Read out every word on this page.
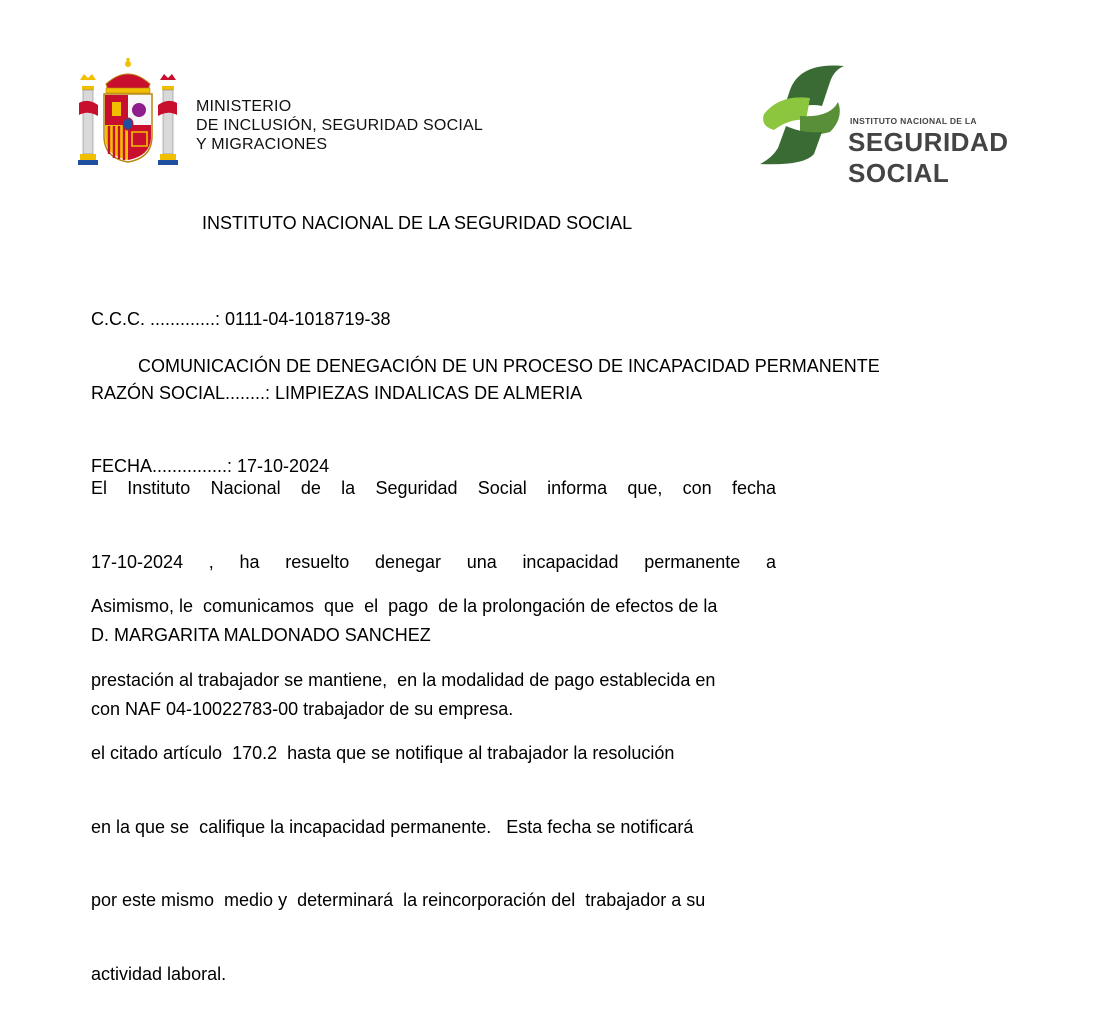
MINISTERIO
DE INCLUSIÓN, SEGURIDAD SOCIAL
Y MIGRACIONES
INSTITUTO NACIONAL DE LA
SEGURIDAD SOCIAL
INSTITUTO NACIONAL DE LA SEGURIDAD SOCIAL

C.C.C. .............: 0111-04-1018719-38

RAZÓN SOCIAL........: LIMPIEZAS INDALICAS DE ALMERIA

FECHA...............: 17-10-2024

COMUNICACIÓN DE DENEGACIÓN DE UN PROCESO DE INCAPACIDAD PERMANENTE

El Instituto Nacional de la Seguridad Social informa que, con fecha

17-10-2024 , ha resuelto denegar una incapacidad permanente a

D. MARGARITA MALDONADO SANCHEZ

con NAF 04-10022783-00 trabajador de su empresa.

Asimismo, le  comunicamos  que  el  pago  de la prolongación de efectos de la

prestación al trabajador se mantiene,  en la modalidad de pago establecida en

el citado artículo  170.2  hasta que se notifique al trabajador la resolución

en la que se  califique la incapacidad permanente.   Esta fecha se notificará

por este mismo  medio y  determinará  la reincorporación del  trabajador a su

actividad laboral.
